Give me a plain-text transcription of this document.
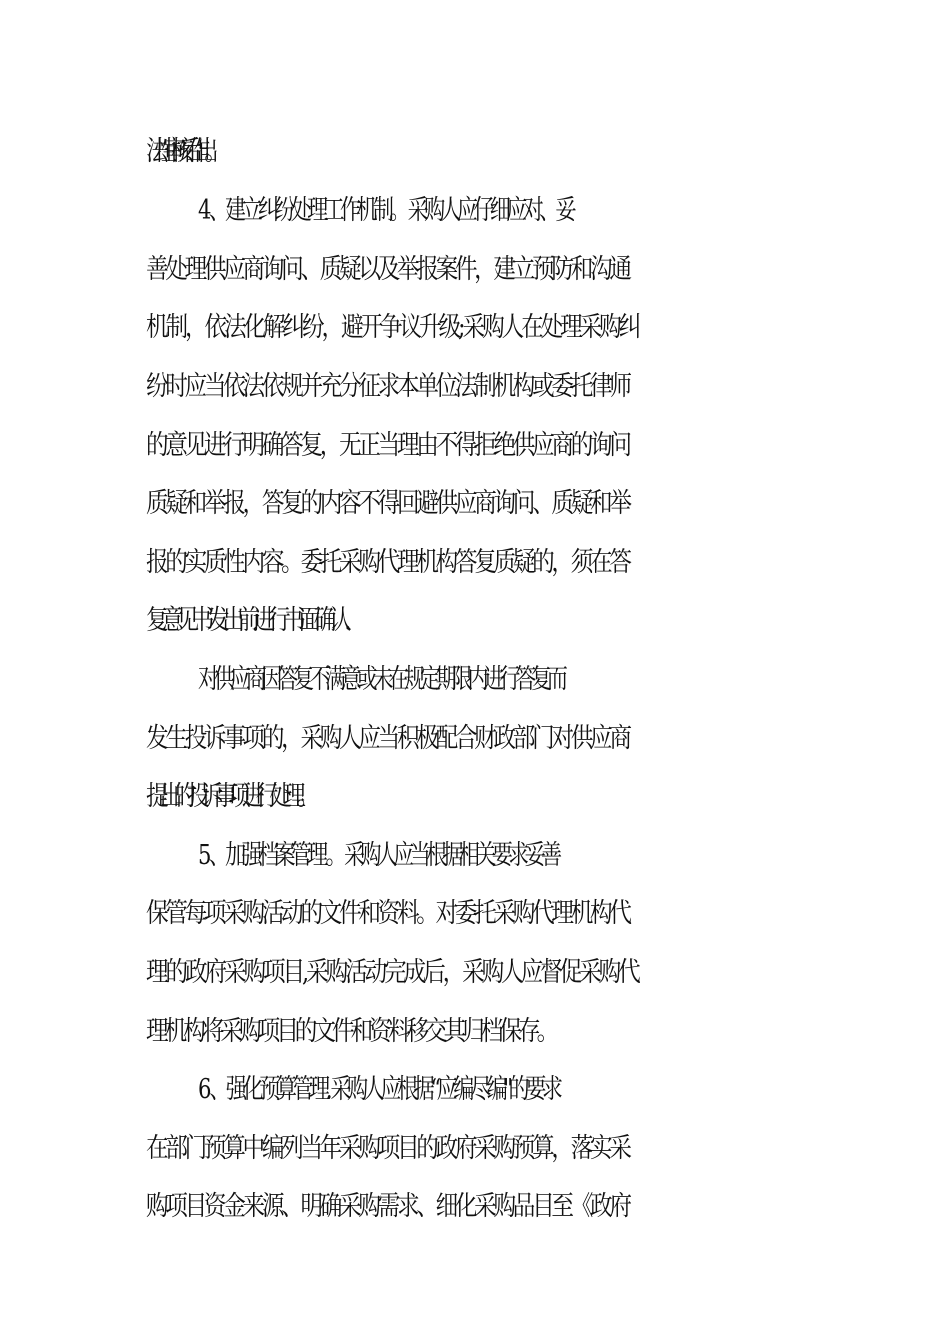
法性审核后作出。
4 、建立纠纷处理工作机制。 采购人应仔细应对、妥
善处理供应商询问、质疑以及举报案件，建立预防和沟通
机制，依法化解纠纷，避开争议升级;采购人在处理采购纠
纷时应当依法依规并充分征求本单位法制机构或委托律师
的意见进行明确答复，无正当理由不得拒绝供应商的询问
质疑和举报，答复的内容不得回避供应商询问、质疑和举
报的实质性内容。委托采购代理机构答复质疑的，须在答
复意见书发出前进行书面确认.
对供应商因答复不满意或未在规定期限内进行答复而
发生投诉事项的，采购人应当积极配合财政部门对供应商
提出的投诉事项进行处理。
5 、加强档案管理 。 采购人应当根据相关要求妥善
保管每项采购活动的文件和资料。对委托采购代理机构代
理的政府采购项目,采购活动完成后，采购人应督促采购代
理机构将采购项目的文件和资料移交其归档保存。
6 、强化预算管理. 采购人应根据“应编尽编"的要求
在部门预算中编列当年采购项目的政府采购预算，落实采
购项目资金来源、明确采购需求、细化采购品目至《政府
